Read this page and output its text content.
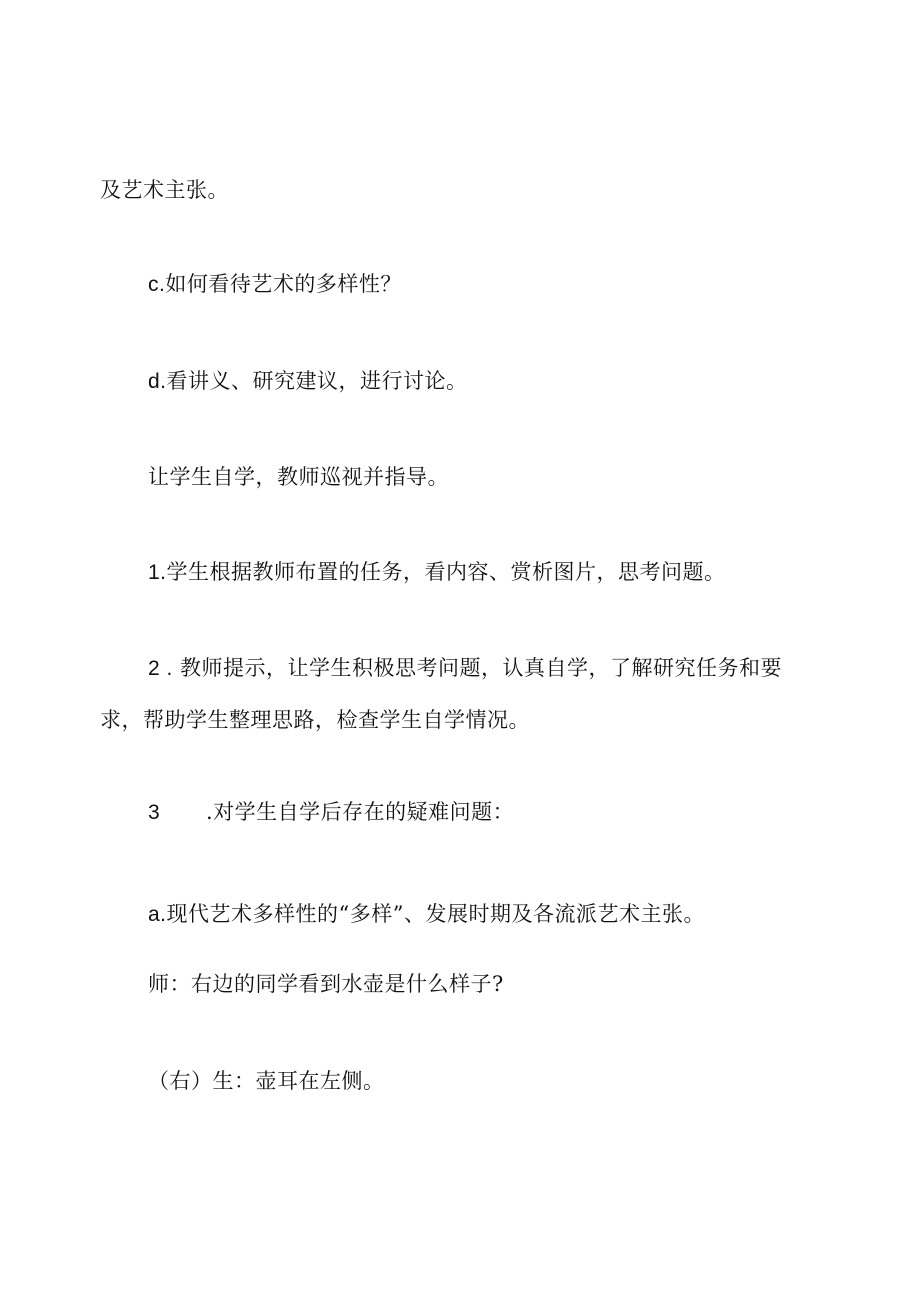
及艺术主张。

c.如何看待艺术的多样性？

d.看讲义、研究建议，进行讨论。

让学生自学，教师巡视并指导。

1.学生根据教师布置的任务，看内容、赏析图片，思考问题。

2 . 教师提示，让学生积极思考问题，认真自学，了解研究任务和要

求，帮助学生整理思路，检查学生自学情况。

3 .对学生自学后存在的疑难问题：

a.现代艺术多样性的“多样”、发展时期及各流派艺术主张。

师：右边的同学看到水壶是什么样子?

（右）生：壶耳在左侧。
